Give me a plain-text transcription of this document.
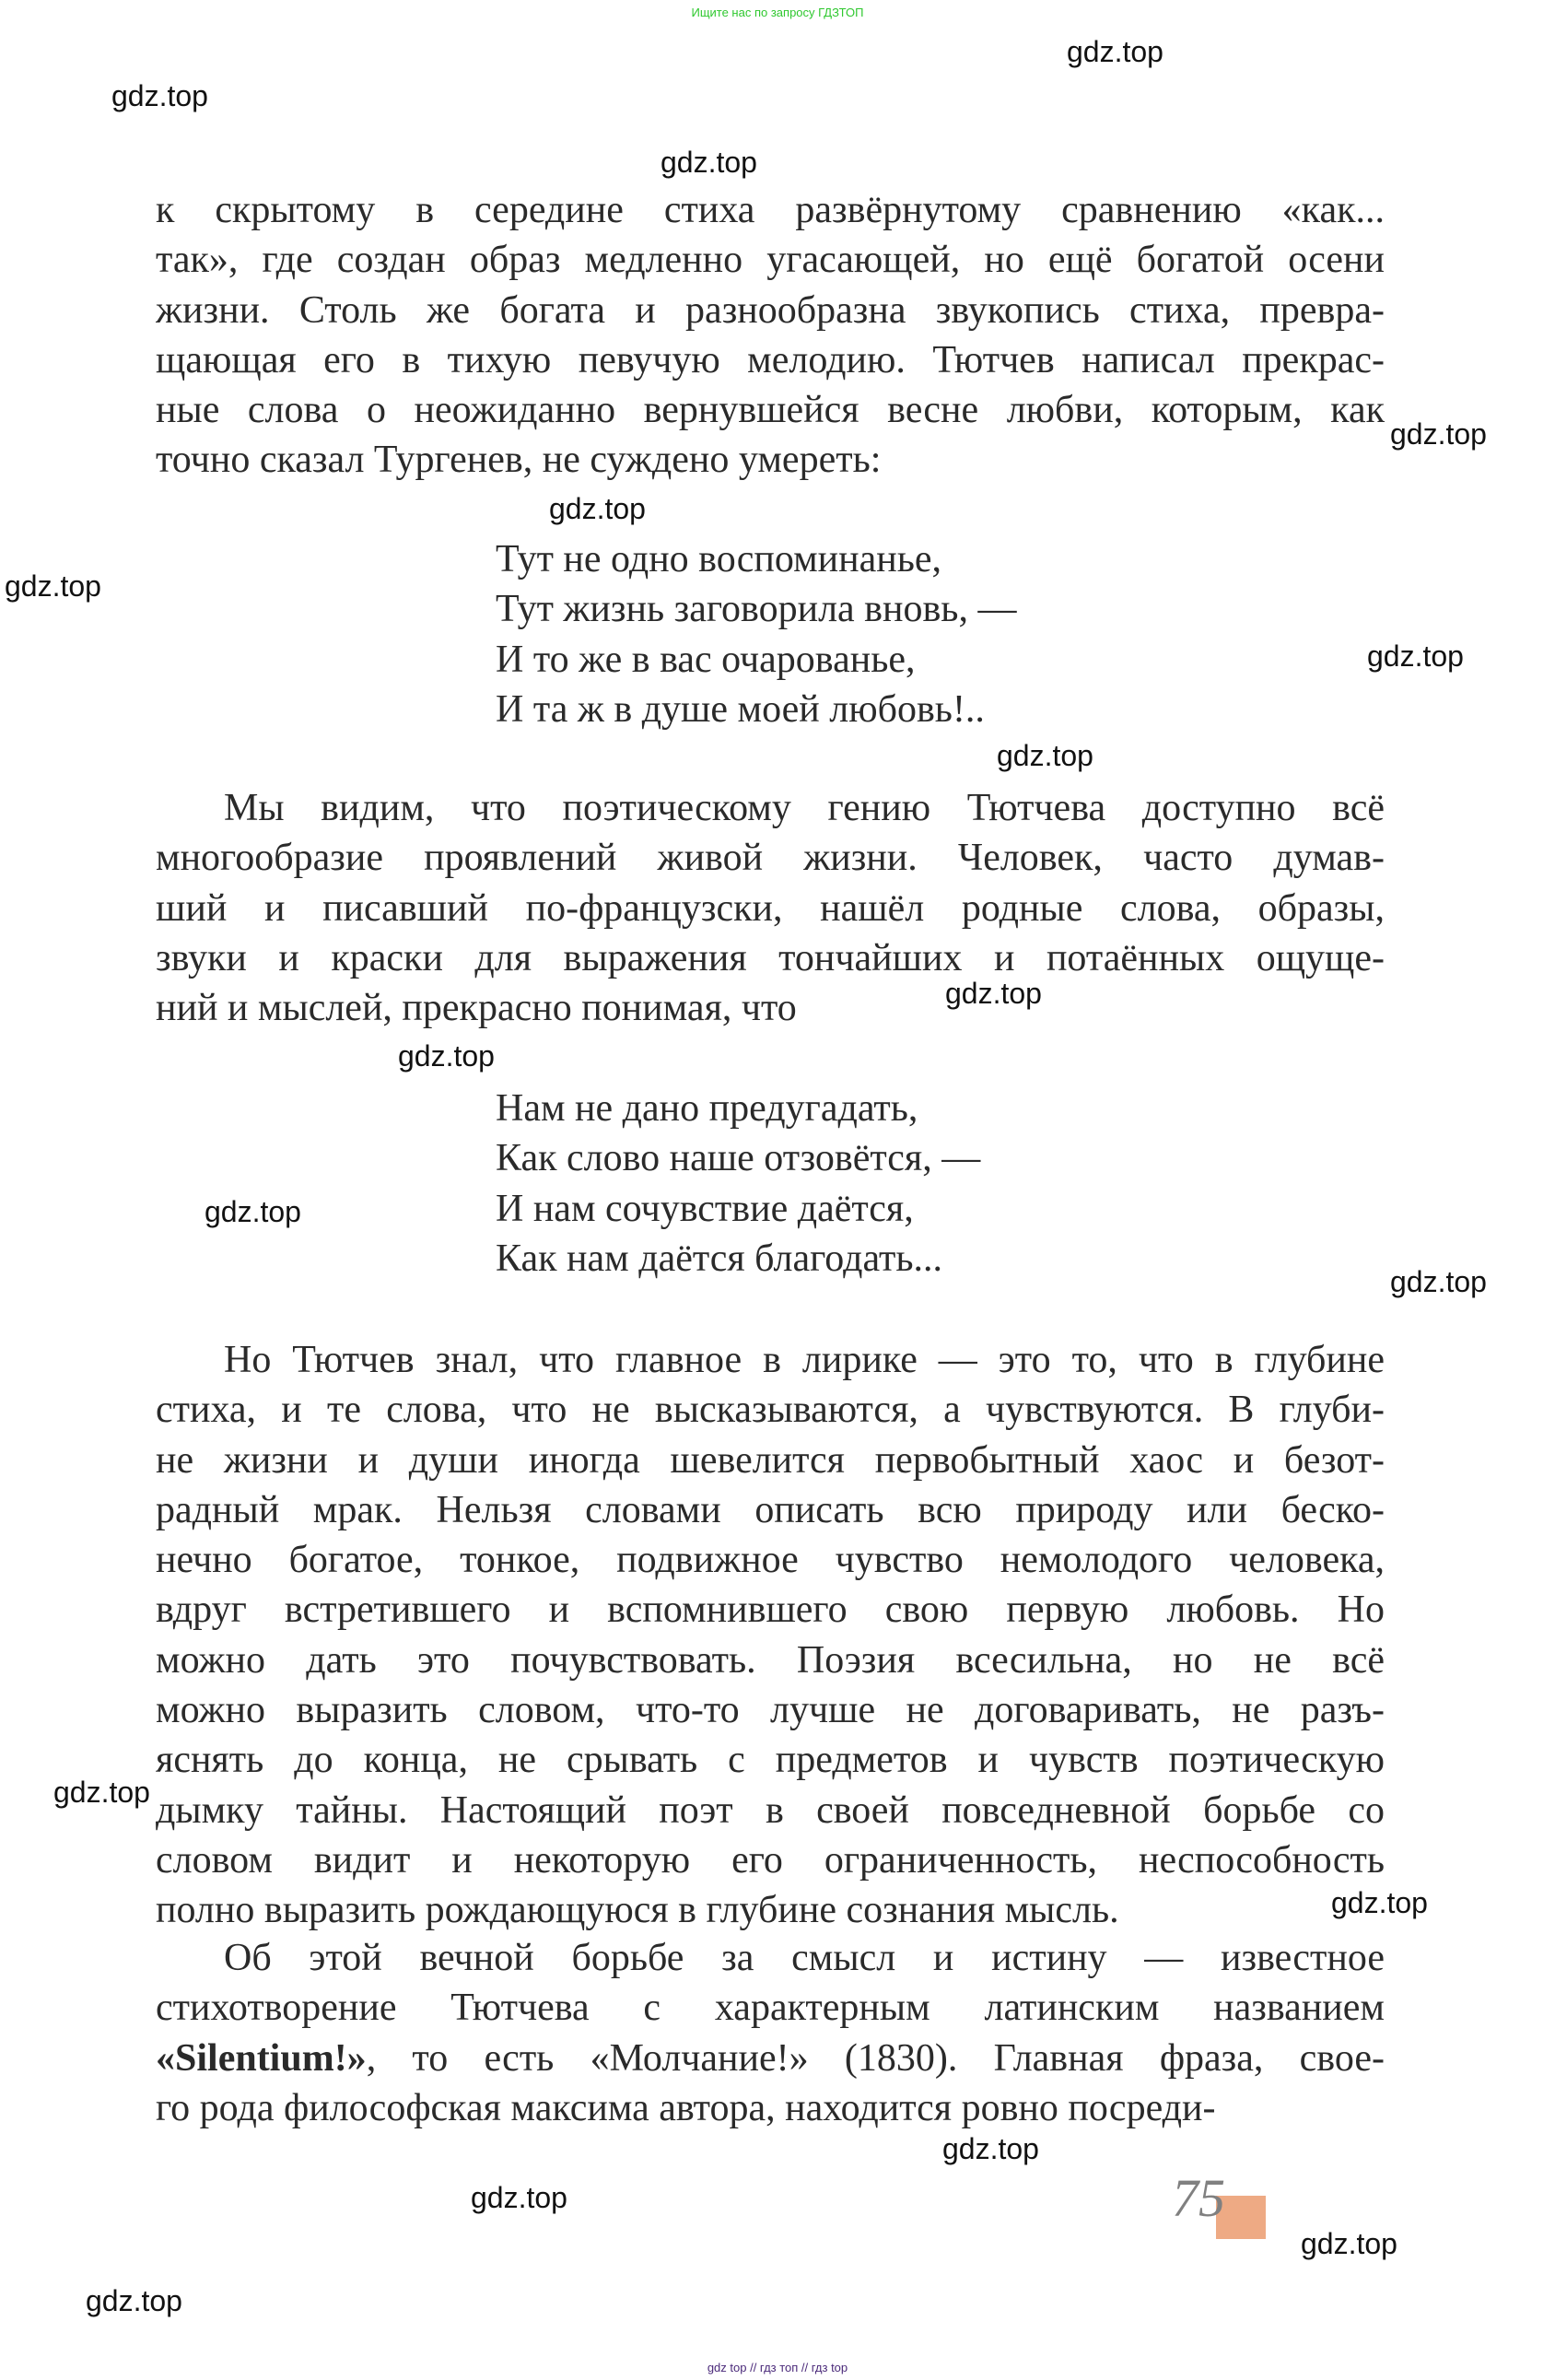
Ищите нас по запросу ГДЗТОП
к скрытому в середине стиха развёрнутому сравнению «как...
так», где создан образ медленно угасающей, но ещё богатой осени
жизни. Столь же богата и разнообразна звукопись стиха, превра-
щающая его в тихую певучую мелодию. Тютчев написал прекрас-
ные слова о неожиданно вернувшейся весне любви, которым, как
точно сказал Тургенев, не суждено умереть:
Тут не одно воспоминанье,
Тут жизнь заговорила вновь, —
И то же в вас очарованье,
И та ж в душе моей любовь!..
Мы видим, что поэтическому гению Тютчева доступно всё
многообразие проявлений живой жизни. Человек, часто думав-
ший и писавший по-французски, нашёл родные слова, образы,
звуки и краски для выражения тончайших и потаённых ощуще-
ний и мыслей, прекрасно понимая, что
Нам не дано предугадать,
Как слово наше отзовётся, —
И нам сочувствие даётся,
Как нам даётся благодать...
Но Тютчев знал, что главное в лирике — это то, что в глубине
стиха, и те слова, что не высказываются, а чувствуются. В глуби-
не жизни и души иногда шевелится первобытный хаос и безот-
радный мрак. Нельзя словами описать всю природу или беско-
нечно богатое, тонкое, подвижное чувство немолодого человека,
вдруг встретившего и вспомнившего свою первую любовь. Но
можно дать это почувствовать. Поэзия всесильна, но не всё
можно выразить словом, что-то лучше не договаривать, не разъ-
яснять до конца, не срывать с предметов и чувств поэтическую
дымку тайны. Настоящий поэт в своей повседневной борьбе со
словом видит и некоторую его ограниченность, неспособность
полно выразить рождающуюся в глубине сознания мысль.
Об этой вечной борьбе за смысл и истину — известное
стихотворение Тютчева с характерным латинским названием
«Silentium!», то есть «Молчание!» (1830). Главная фраза, свое-
го рода философская максима автора, находится ровно посреди-
gdz.top
gdz.top
gdz.top
gdz.top
gdz.top
gdz.top
gdz.top
gdz.top
gdz.top
gdz.top
gdz.top
gdz.top
gdz.top
gdz.top
gdz.top
gdz.top
gdz.top
gdz.top
75
gdz top // гдз топ // гдз top
